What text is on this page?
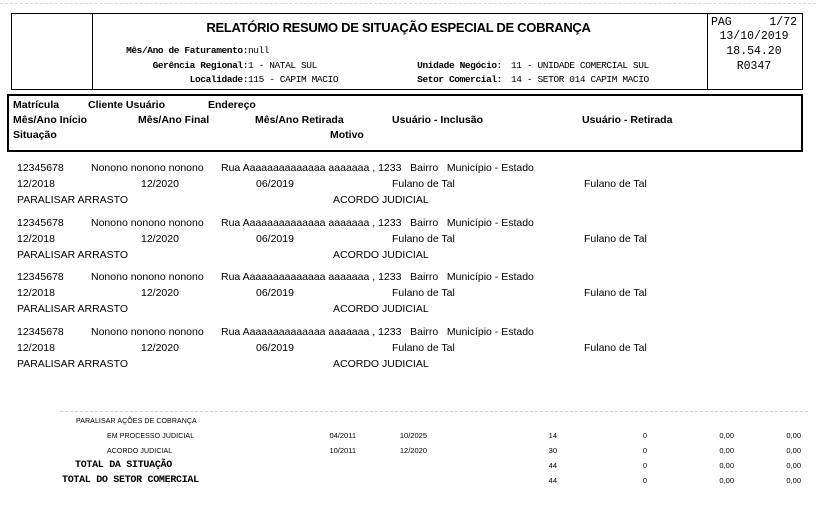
RELATÓRIO RESUMO DE SITUAÇÃO ESPECIAL DE COBRANÇA
Mês/Ano de Faturamento: null
Gerência Regional: 1 - NATAL SUL
Localidade: 115 - CAPIM MACIO
Unidade Negócio: 11 - UNIDADE COMERCIAL SUL
Setor Comercial: 14 - SETOR 014 CAPIM MACIO
PAG	1/72
13/10/2019
18.54.20
R0347
Matrícula	Cliente Usuário	Endereço
Mês/Ano Início	Mês/Ano Final	Mês/Ano Retirada	Usuário - Inclusão	Usuário - Retirada
Situação	Motivo
12345678	Nonono nonono nonono Rua Aaaaaaaaaaaaaa aaaaaaa , 1233   Bairro   Município - Estado
12/2018	12/2020	06/2019	Fulano de Tal	Fulano de Tal
PARALISAR ARRASTO	ACORDO JUDICIAL
12345678	Nonono nonono nonono Rua Aaaaaaaaaaaaaa aaaaaaa , 1233   Bairro   Município - Estado
12/2018	12/2020	06/2019	Fulano de Tal	Fulano de Tal
PARALISAR ARRASTO	ACORDO JUDICIAL
12345678	Nonono nonono nonono Rua Aaaaaaaaaaaaaa aaaaaaa , 1233   Bairro   Município - Estado
12/2018	12/2020	06/2019	Fulano de Tal	Fulano de Tal
PARALISAR ARRASTO	ACORDO JUDICIAL
12345678	Nonono nonono nonono Rua Aaaaaaaaaaaaaa aaaaaaa , 1233   Bairro   Município - Estado
12/2018	12/2020	06/2019	Fulano de Tal	Fulano de Tal
PARALISAR ARRASTO	ACORDO JUDICIAL
PARALISAR AÇÕES DE COBRANÇA
EM PROCESSO JUDICIAL	04/2011	10/2025	14	0	0,00	0,00
ACORDO JUDICIAL	10/2011	12/2020	30	0	0,00	0,00
TOTAL DA SITUAÇÃO	44	0	0,00	0,00
TOTAL DO SETOR COMERCIAL	44	0	0,00	0,00
